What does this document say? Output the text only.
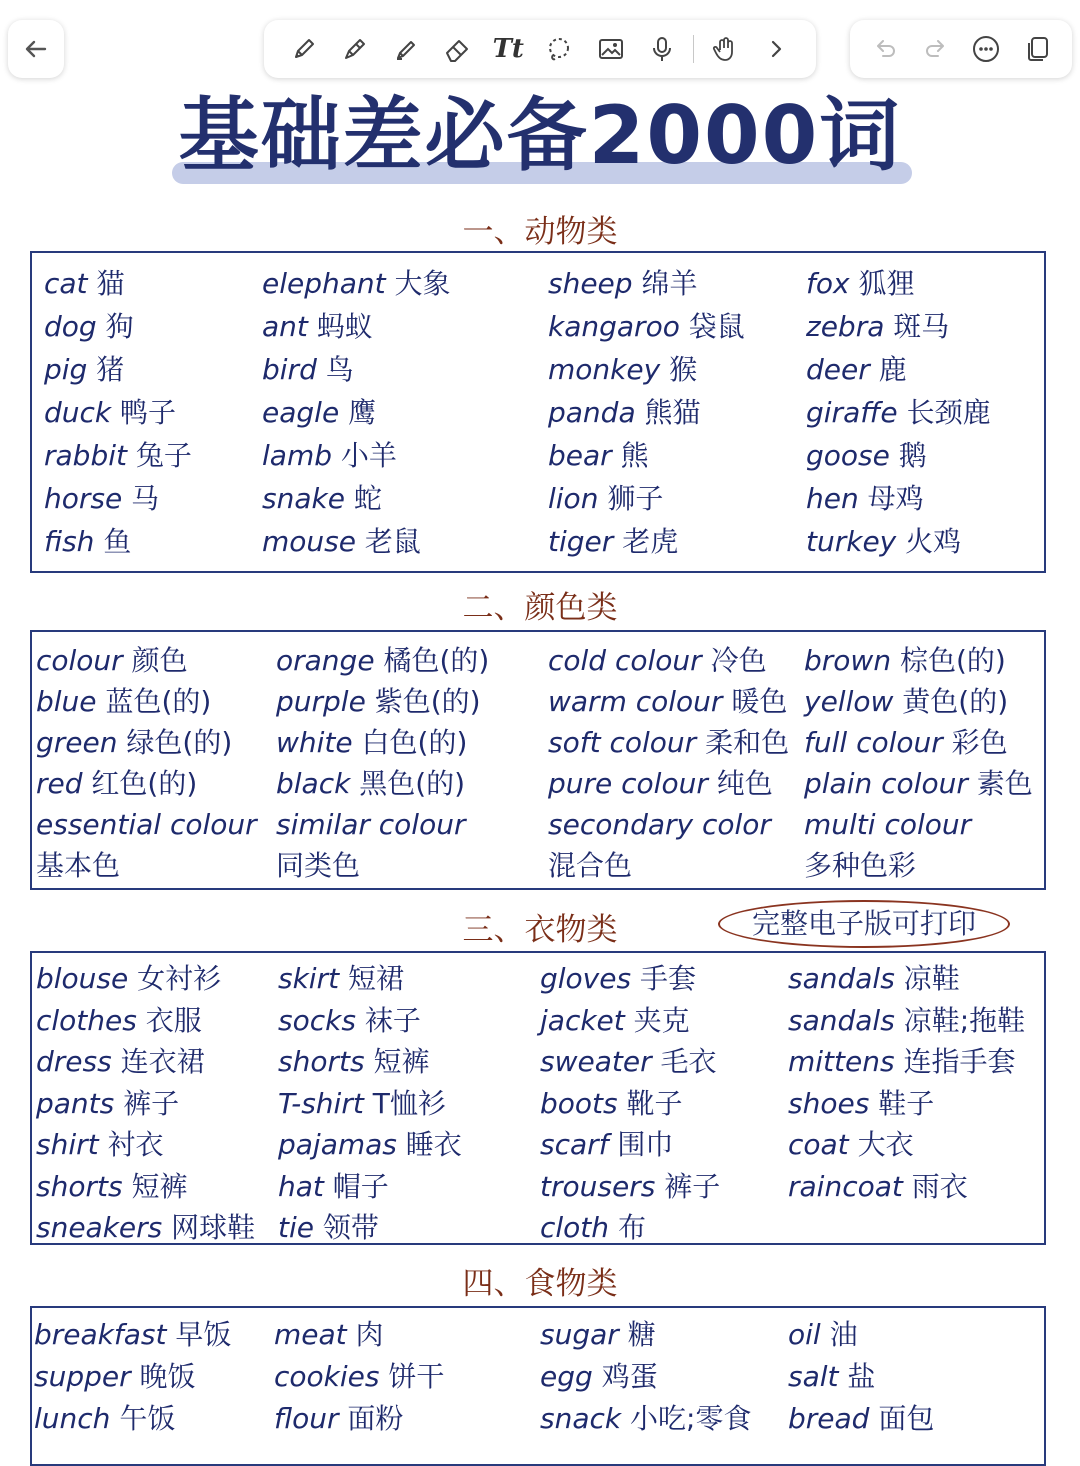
Tt
基础差必备2000词
一、动物类
二、颜色类
三、衣物类
四、食物类
完整电子版可打印
cat 猫
dog 狗
pig 猪
duck 鸭子
rabbit 兔子
horse 马
fish 鱼
elephant 大象
ant 蚂蚁
bird 鸟
eagle 鹰
lamb 小羊
snake 蛇
mouse 老鼠
sheep 绵羊
kangaroo 袋鼠
monkey 猴
panda 熊猫
bear 熊
lion 狮子
tiger 老虎
fox 狐狸
zebra 斑马
deer 鹿
giraffe 长颈鹿
goose 鹅
hen 母鸡
turkey 火鸡
colour 颜色
blue 蓝色(的)
green 绿色(的)
red 红色(的)
essential colour
基本色
orange 橘色(的)
purple 紫色(的)
white 白色(的)
black 黑色(的)
similar colour
同类色
cold colour 冷色
warm colour 暖色
soft colour 柔和色
pure colour 纯色
secondary color
混合色
brown 棕色(的)
yellow 黄色(的)
full colour 彩色
plain colour 素色
multi colour
多种色彩
blouse 女衬衫
clothes 衣服
dress 连衣裙
pants 裤子
shirt 衬衣
shorts 短裤
sneakers 网球鞋
skirt 短裙
socks 袜子
shorts 短裤
T-shirt T恤衫
pajamas 睡衣
hat 帽子
tie 领带
gloves 手套
jacket 夹克
sweater 毛衣
boots 靴子
scarf 围巾
trousers 裤子
cloth 布
sandals 凉鞋
sandals 凉鞋;拖鞋
mittens 连指手套
shoes 鞋子
coat 大衣
raincoat 雨衣
breakfast 早饭
supper 晚饭
lunch 午饭
meat 肉
cookies 饼干
flour 面粉
sugar 糖
egg 鸡蛋
snack 小吃;零食
oil 油
salt 盐
bread 面包
